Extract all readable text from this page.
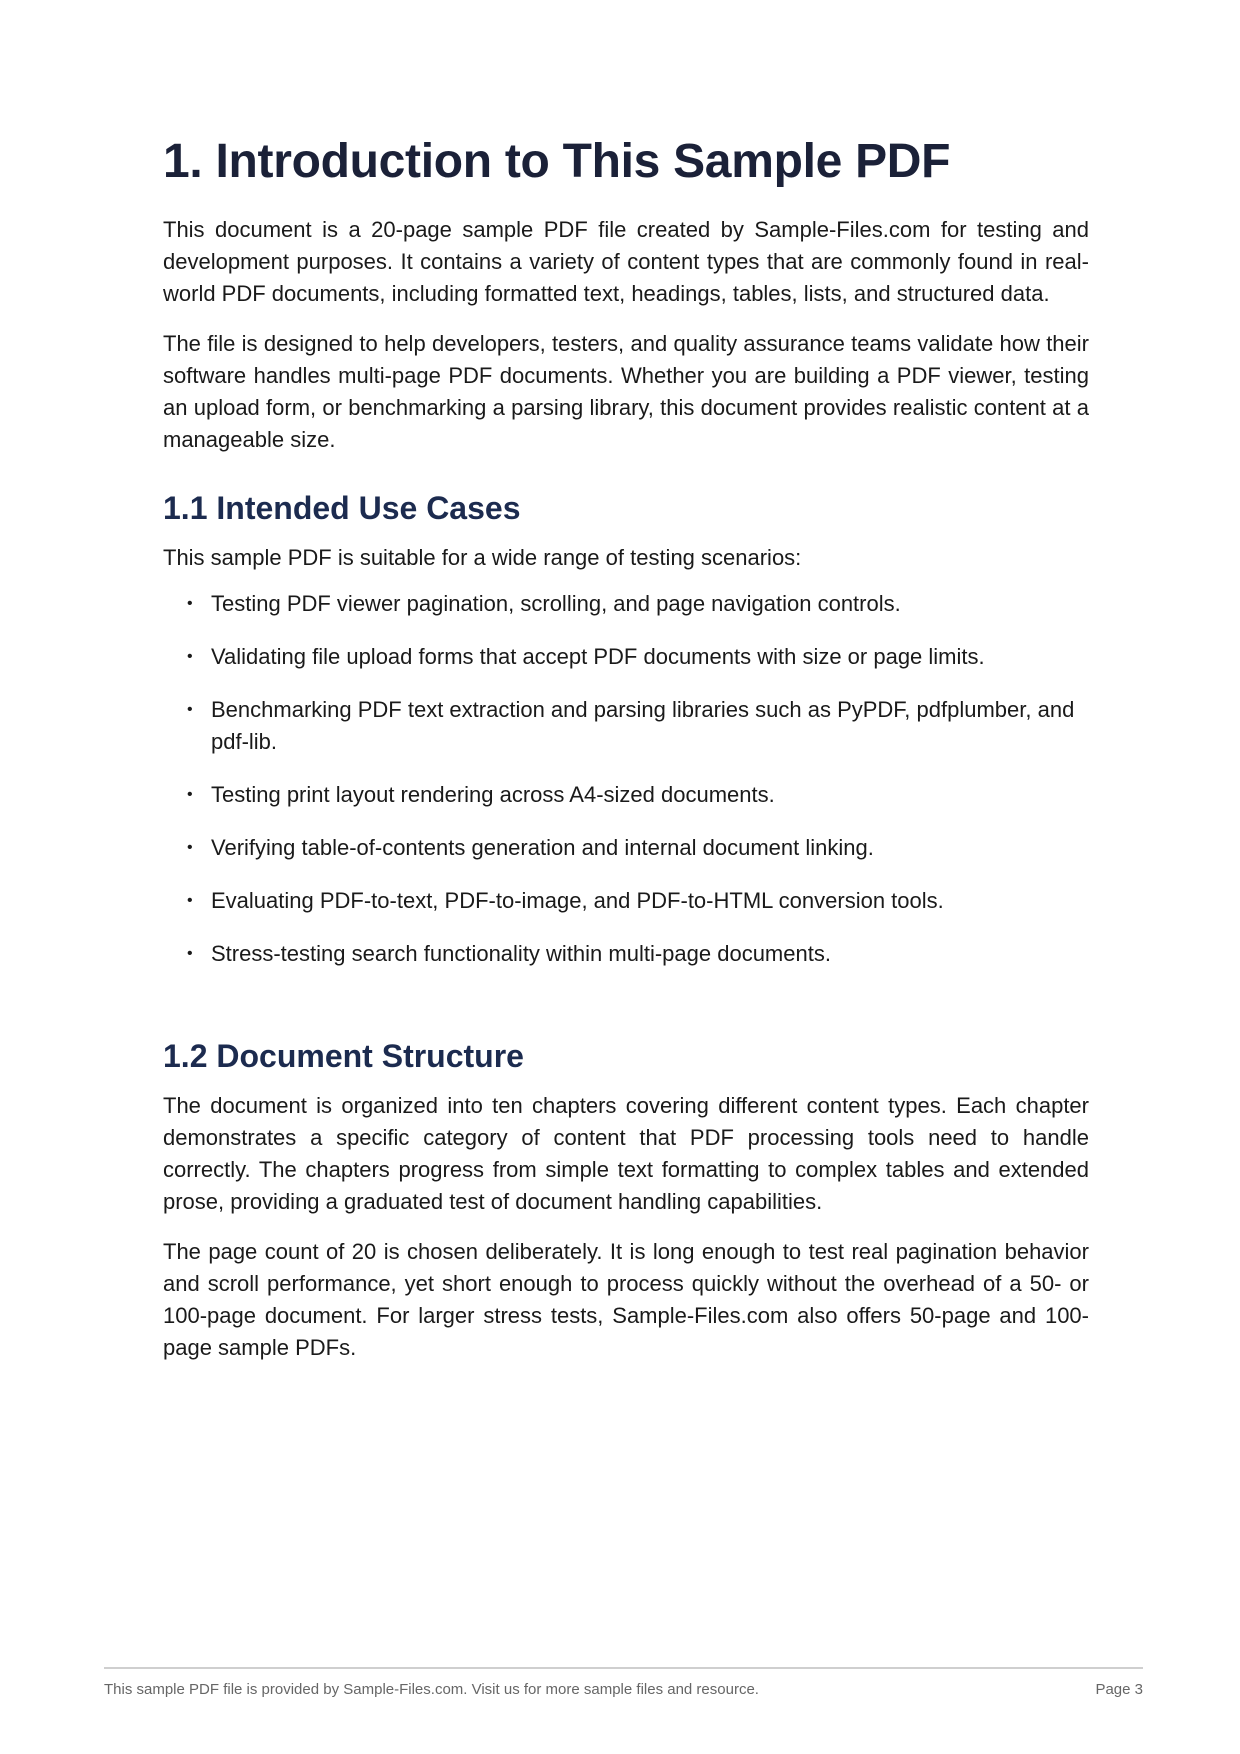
1. Introduction to This Sample PDF

This document is a 20-page sample PDF file created by Sample-Files.com for testing and development purposes. It contains a variety of content types that are commonly found in real-world PDF documents, including formatted text, headings, tables, lists, and structured data.

The file is designed to help developers, testers, and quality assurance teams validate how their software handles multi-page PDF documents. Whether you are building a PDF viewer, testing an upload form, or benchmarking a parsing library, this document provides realistic content at a manageable size.

1.1 Intended Use Cases

This sample PDF is suitable for a wide range of testing scenarios:

• Testing PDF viewer pagination, scrolling, and page navigation controls.
• Validating file upload forms that accept PDF documents with size or page limits.
• Benchmarking PDF text extraction and parsing libraries such as PyPDF, pdfplumber, and pdf-lib.
• Testing print layout rendering across A4-sized documents.
• Verifying table-of-contents generation and internal document linking.
• Evaluating PDF-to-text, PDF-to-image, and PDF-to-HTML conversion tools.
• Stress-testing search functionality within multi-page documents.
1.2 Document Structure

The document is organized into ten chapters covering different content types. Each chapter demonstrates a specific category of content that PDF processing tools need to handle correctly. The chapters progress from simple text formatting to complex tables and extended prose, providing a graduated test of document handling capabilities.

The page count of 20 is chosen deliberately. It is long enough to test real pagination behavior and scroll performance, yet short enough to process quickly without the overhead of a 50- or 100-page document. For larger stress tests, Sample-Files.com also offers 50-page and 100-page sample PDFs.

This sample PDF file is provided by Sample-Files.com. Visit us for more sample files and resource.	Page 3
